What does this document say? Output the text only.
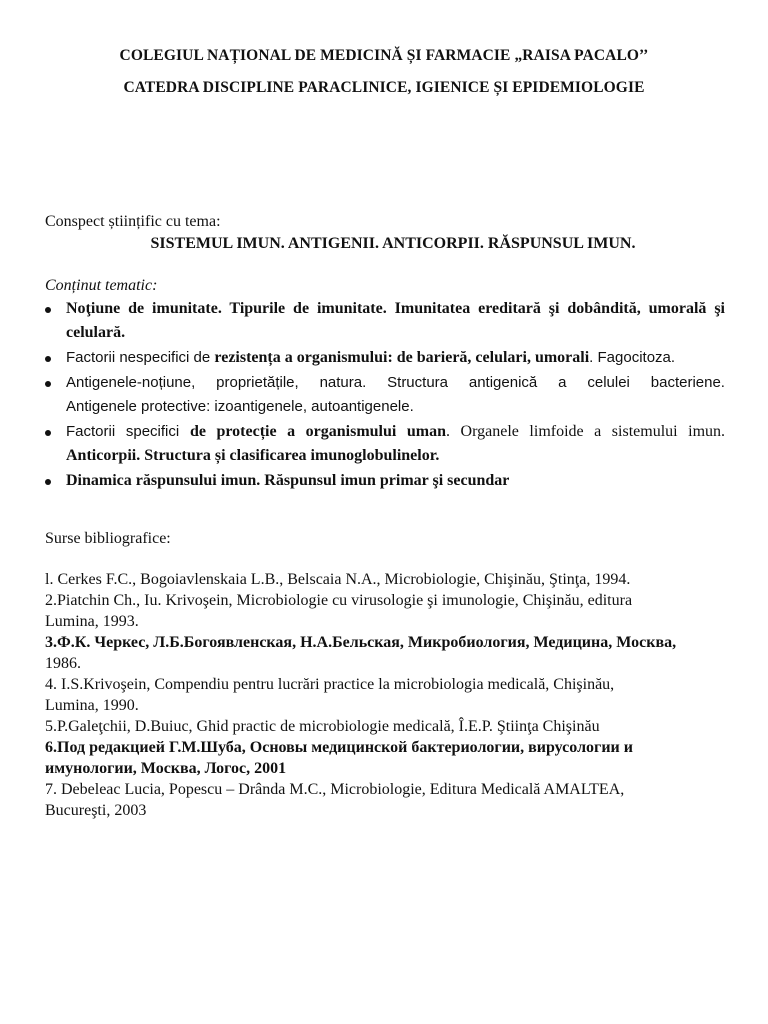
COLEGIUL NAȚIONAL DE MEDICINĂ ȘI FARMACIE „RAISA PACALO’’
CATEDRA DISCIPLINE PARACLINICE, IGIENICE ȘI EPIDEMIOLOGIE
Conspect științific cu tema:
SISTEMUL IMUN. ANTIGENII. ANTICORPII. RĂSPUNSUL IMUN.
Conținut tematic:
Noţiune de imunitate. Tipurile de imunitate. Imunitatea ereditară şi dobândită, umorală şi
celulară.
Factorii nespecifici de rezistența a organismului: de barieră, celulari, umorali. Fagocitoza.
Antigenele-noțiune, proprietățile, natura. Structura antigenică a celulei bacteriene.
Antigenele protective: izoantigenele, autoantigenele.
Factorii specifici de protecție a organismului uman. Organele limfoide a sistemului imun.
Anticorpii. Structura și clasificarea imunoglobulinelor.
Dinamica răspunsului imun. Răspunsul imun primar şi secundar
Surse bibliografice:
l. Cerkes F.C., Bogoiavlenskaia L.B., Belscaia N.A., Microbiologie, Chişinău, Ştinţa, 1994.
2.Piatchin Ch., Iu. Krivoşein, Microbiologie cu virusologie şi imunologie, Chişinău, editura
Lumina, 1993.
3.Ф.К. Черкес, Л.Б.Богоявленская, Н.А.Бельская, Микробиология, Медицина, Москва,
1986.
4. I.S.Krivoşein, Compendiu pentru lucrări practice la microbiologia medicală, Chişinău,
Lumina, 1990.
5.P.Galeţchii, D.Buiuc, Ghid practic de microbiologie medicală, Î.E.P. Ştiinţa Chişinău
6.Под редакцией Г.М.Шуба, Основы медицинской бактериологии, вирусологии и
имунологии, Москва, Логос, 2001
7. Debeleac Lucia, Popescu – Drânda M.C., Microbiologie, Editura Medicală AMALTEA,
Bucureşti, 2003
